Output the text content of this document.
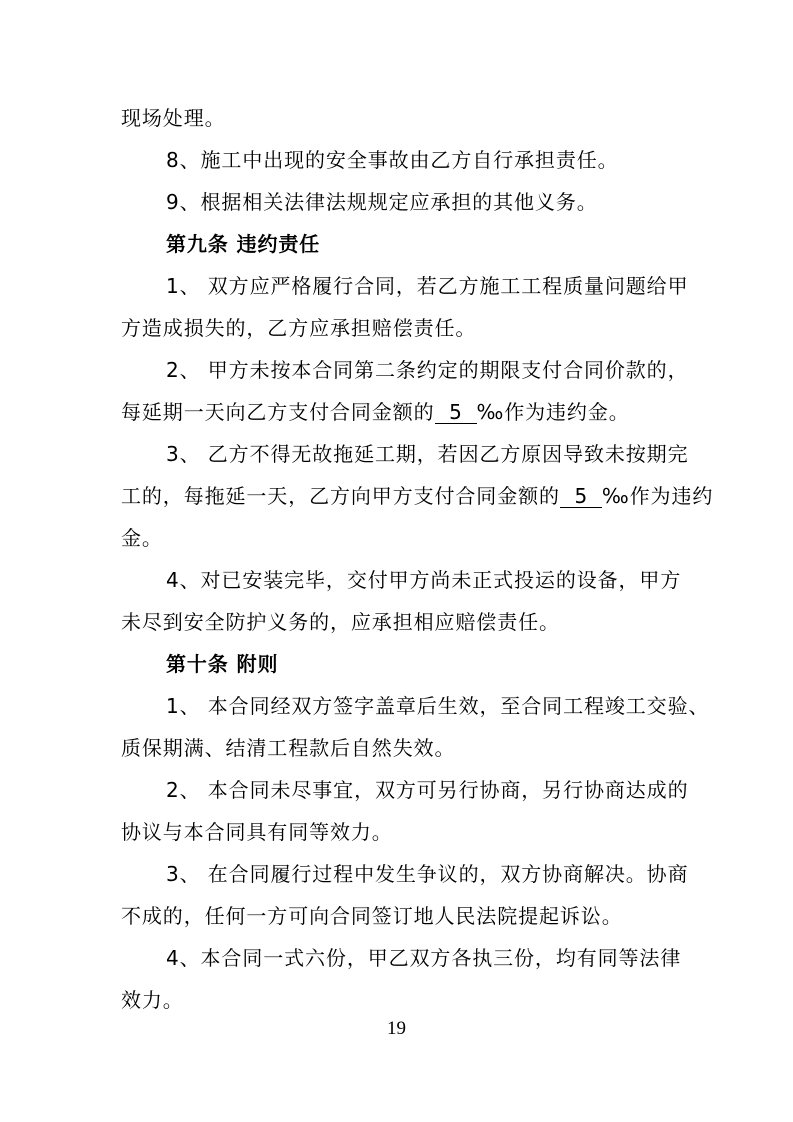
现场处理。
8、施工中出现的安全事故由乙方自行承担责任。
9、根据相关法律法规规定应承担的其他义务。
第九条 违约责任
1、 双方应严格履行合同，若乙方施工工程质量问题给甲
方造成损失的，乙方应承担赔偿责任。
2、 甲方未按本合同第二条约定的期限支付合同价款的，
每延期一天向乙方支付合同金额的 5 ‰作为违约金。
3、 乙方不得无故拖延工期，若因乙方原因导致未按期完
工的，每拖延一天，乙方向甲方支付合同金额的 5 ‰作为违约
金。
4、对已安装完毕，交付甲方尚未正式投运的设备，甲方
未尽到安全防护义务的，应承担相应赔偿责任。
第十条 附则
1、 本合同经双方签字盖章后生效，至合同工程竣工交验、
质保期满、结清工程款后自然失效。
2、 本合同未尽事宜，双方可另行协商，另行协商达成的
协议与本合同具有同等效力。
3、 在合同履行过程中发生争议的，双方协商解决。协商
不成的，任何一方可向合同签订地人民法院提起诉讼。
4、本合同一式六份，甲乙双方各执三份，均有同等法律
效力。
19
